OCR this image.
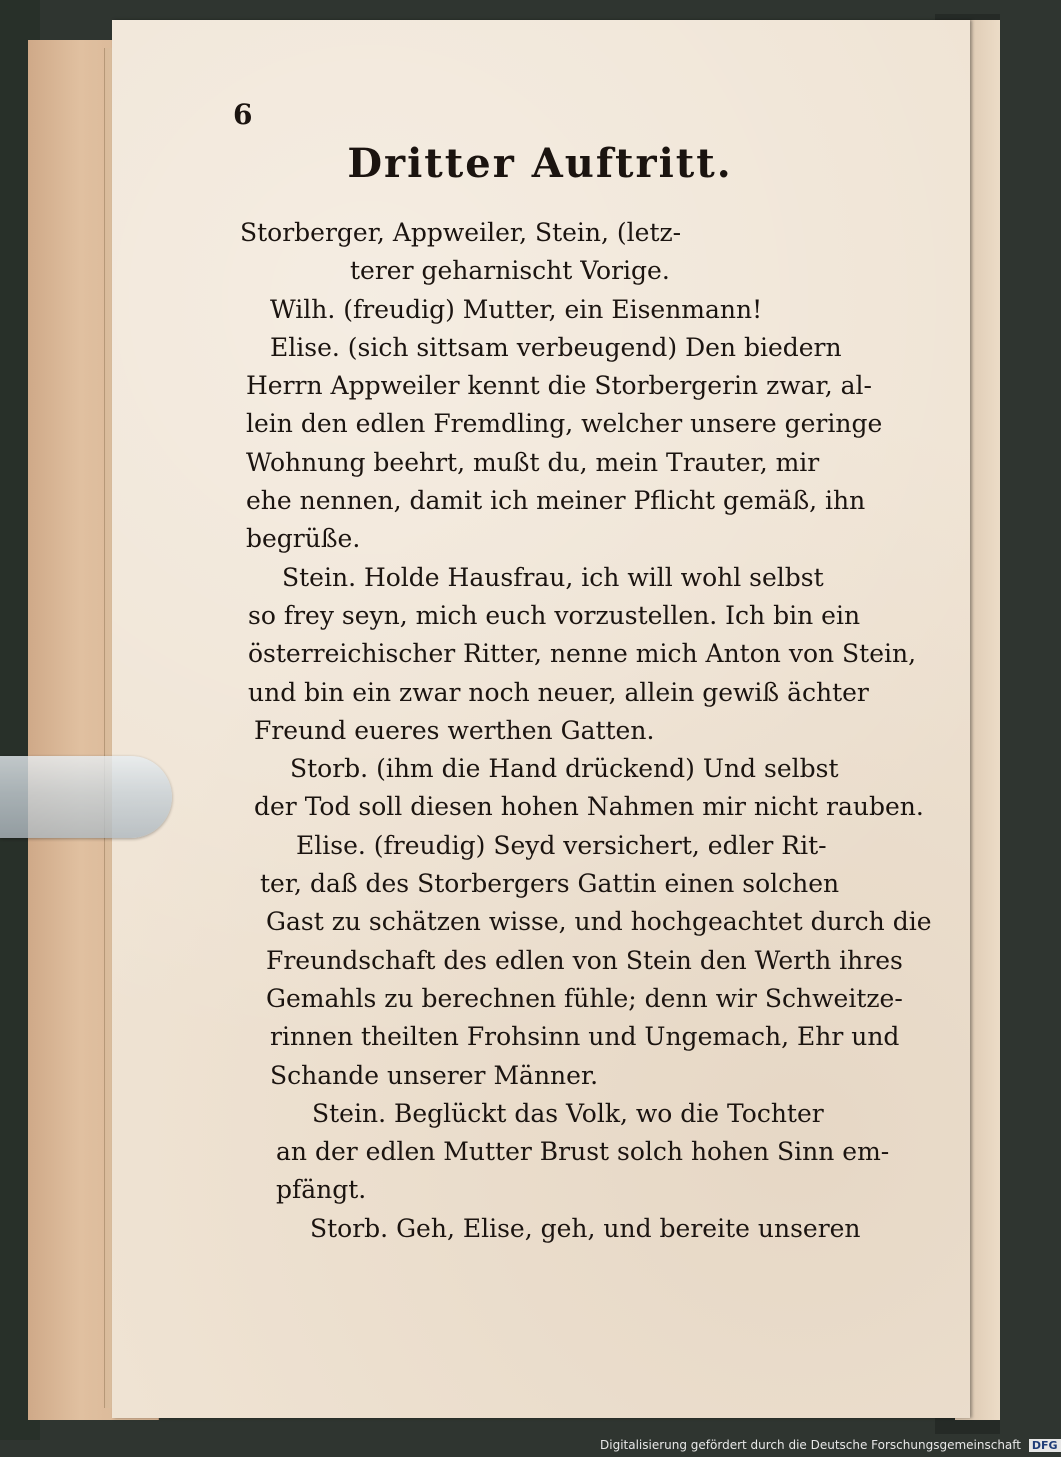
6
Dritter Auftritt.
Storberger, Appweiler, Stein, (letz-
terer geharnischt Vorige.
Wilh. (freudig) Mutter, ein Eisenmann!
Elise. (sich sittsam verbeugend) Den biedern
Herrn Appweiler kennt die Storbergerin zwar, al-
lein den edlen Fremdling, welcher unsere geringe
Wohnung beehrt, mußt du, mein Trauter, mir
ehe nennen, damit ich meiner Pflicht gemäß, ihn
begrüße.
Stein. Holde Hausfrau, ich will wohl selbst
so frey seyn, mich euch vorzustellen. Ich bin ein
österreichischer Ritter, nenne mich Anton von Stein,
und bin ein zwar noch neuer, allein gewiß ächter
Freund eueres werthen Gatten.
Storb. (ihm die Hand drückend) Und selbst
der Tod soll diesen hohen Nahmen mir nicht rauben.
Elise. (freudig) Seyd versichert, edler Rit-
ter, daß des Storbergers Gattin einen solchen
Gast zu schätzen wisse, und hochgeachtet durch die
Freundschaft des edlen von Stein den Werth ihres
Gemahls zu berechnen fühle; denn wir Schweitze-
rinnen theilten Frohsinn und Ungemach, Ehr und
Schande unserer Männer.
Stein. Beglückt das Volk, wo die Tochter
an der edlen Mutter Brust solch hohen Sinn em-
pfängt.
Storb. Geh, Elise, geh, und bereite unseren
Digitalisierung gefördert durch die Deutsche Forschungsgemeinschaft DFG
